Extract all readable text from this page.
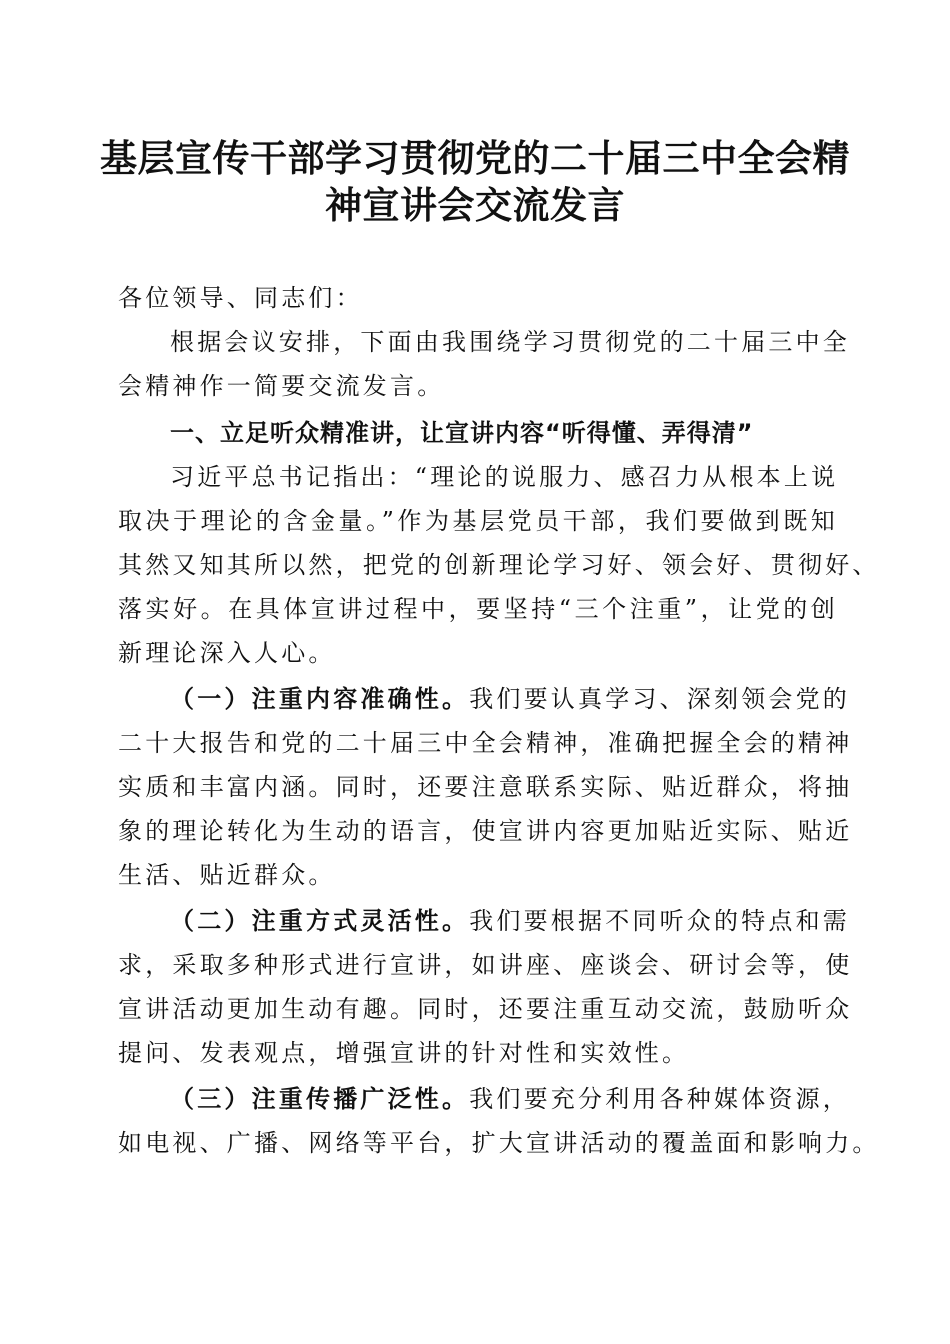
基层宣传干部学习贯彻党的二十届三中全会精
神宣讲会交流发言

各位领导、同志们：

根据会议安排，下面由我围绕学习贯彻党的二十届三中全

会精神作一简要交流发言。

一、立足听众精准讲，让宣讲内容“听得懂、弄得清”

习近平总书记指出：“理论的说服力、感召力从根本上说

取决于理论的含金量。”作为基层党员干部，我们要做到既知

其然又知其所以然，把党的创新理论学习好、领会好、贯彻好、

落实好。在具体宣讲过程中，要坚持“三个注重”，让党的创

新理论深入人心。

（一）注重内容准确性。我们要认真学习、深刻领会党的

二十大报告和党的二十届三中全会精神，准确把握全会的精神

实质和丰富内涵。同时，还要注意联系实际、贴近群众，将抽

象的理论转化为生动的语言，使宣讲内容更加贴近实际、贴近

生活、贴近群众。

（二）注重方式灵活性。我们要根据不同听众的特点和需

求，采取多种形式进行宣讲，如讲座、座谈会、研讨会等，使

宣讲活动更加生动有趣。同时，还要注重互动交流，鼓励听众

提问、发表观点，增强宣讲的针对性和实效性。

（三）注重传播广泛性。我们要充分利用各种媒体资源，

如电视、广播、网络等平台，扩大宣讲活动的覆盖面和影响力。
